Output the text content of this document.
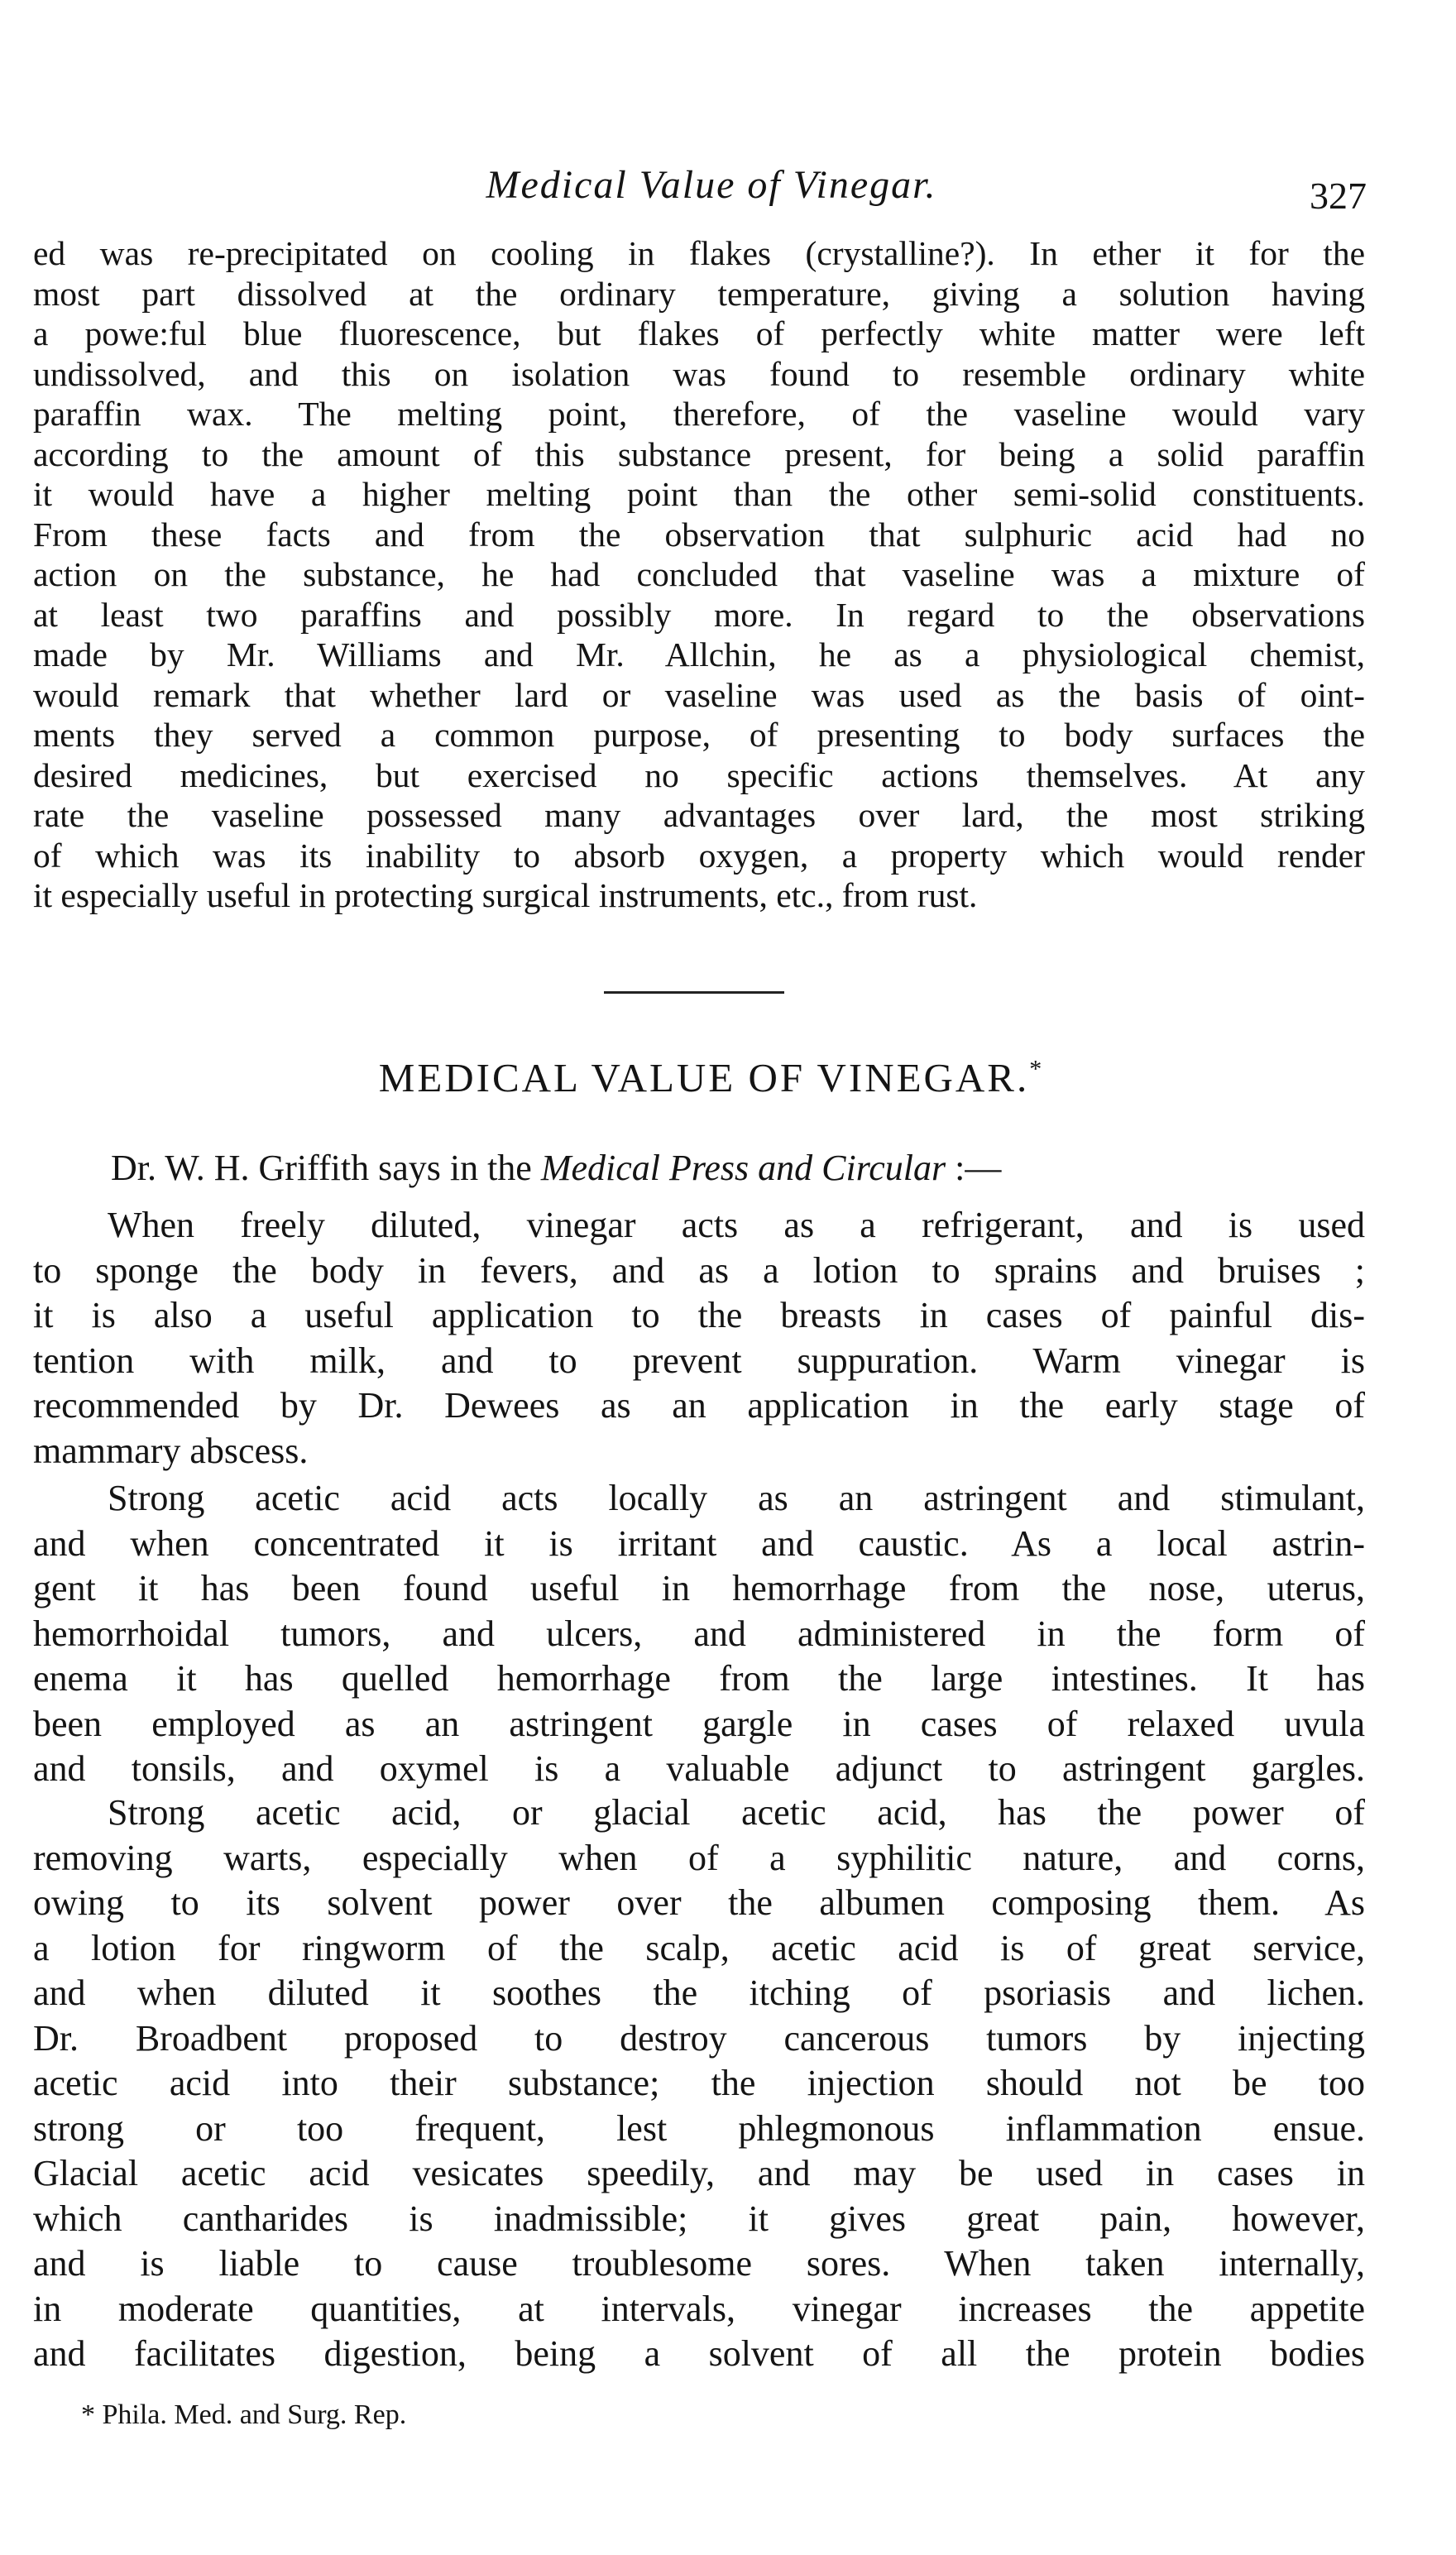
Medical Value of Vinegar.	327
ed was re-precipitated on cooling in flakes (crystalline?). In ether it for the
most part dissolved at the ordinary temperature, giving a solution having
a powe:ful blue fluorescence, but flakes of perfectly white matter were left
undissolved, and this on isolation was found to resemble ordinary white
paraffin wax. The melting point, therefore, of the vaseline would vary
according to the amount of this substance present, for being a solid paraffin
it would have a higher melting point than the other semi-solid constituents.
From these facts and from the observation that sulphuric acid had no
action on the substance, he had concluded that vaseline was a mixture of
at least two paraffins and possibly more. In regard to the observations
made by Mr. Williams and Mr. Allchin, he as a physiological chemist,
would remark that whether lard or vaseline was used as the basis of oint-
ments they served a common purpose, of presenting to body surfaces the
desired medicines, but exercised no specific actions themselves. At any
rate the vaseline possessed many advantages over lard, the most striking
of which was its inability to absorb oxygen, a property which would render
it especially useful in protecting surgical instruments, etc., from rust.
MEDICAL VALUE OF VINEGAR.*
Dr. W. H. Griffith says in the Medical Press and Circular :—
When freely diluted, vinegar acts as a refrigerant, and is used
to sponge the body in fevers, and as a lotion to sprains and bruises ;
it is also a useful application to the breasts in cases of painful dis-
tention with milk, and to prevent suppuration. Warm vinegar is
recommended by Dr. Dewees as an application in the early stage of
mammary abscess.
Strong acetic acid acts locally as an astringent and stimulant,
and when concentrated it is irritant and caustic. As a local astrin-
gent it has been found useful in hemorrhage from the nose, uterus,
hemorrhoidal tumors, and ulcers, and administered in the form of
enema it has quelled hemorrhage from the large intestines. It has
been employed as an astringent gargle in cases of relaxed uvula
and tonsils, and oxymel is a valuable adjunct to astringent gargles.
Strong acetic acid, or glacial acetic acid, has the power of
removing warts, especially when of a syphilitic nature, and corns,
owing to its solvent power over the albumen composing them. As
a lotion for ringworm of the scalp, acetic acid is of great service,
and when diluted it soothes the itching of psoriasis and lichen.
Dr. Broadbent proposed to destroy cancerous tumors by injecting
acetic acid into their substance; the injection should not be too
strong or too frequent, lest phlegmonous inflammation ensue.
Glacial acetic acid vesicates speedily, and may be used in cases in
which cantharides is inadmissible; it gives great pain, however,
and is liable to cause troublesome sores. When taken internally,
in moderate quantities, at intervals, vinegar increases the appetite
and facilitates digestion, being a solvent of all the protein bodies
* Phila. Med. and Surg. Rep.
